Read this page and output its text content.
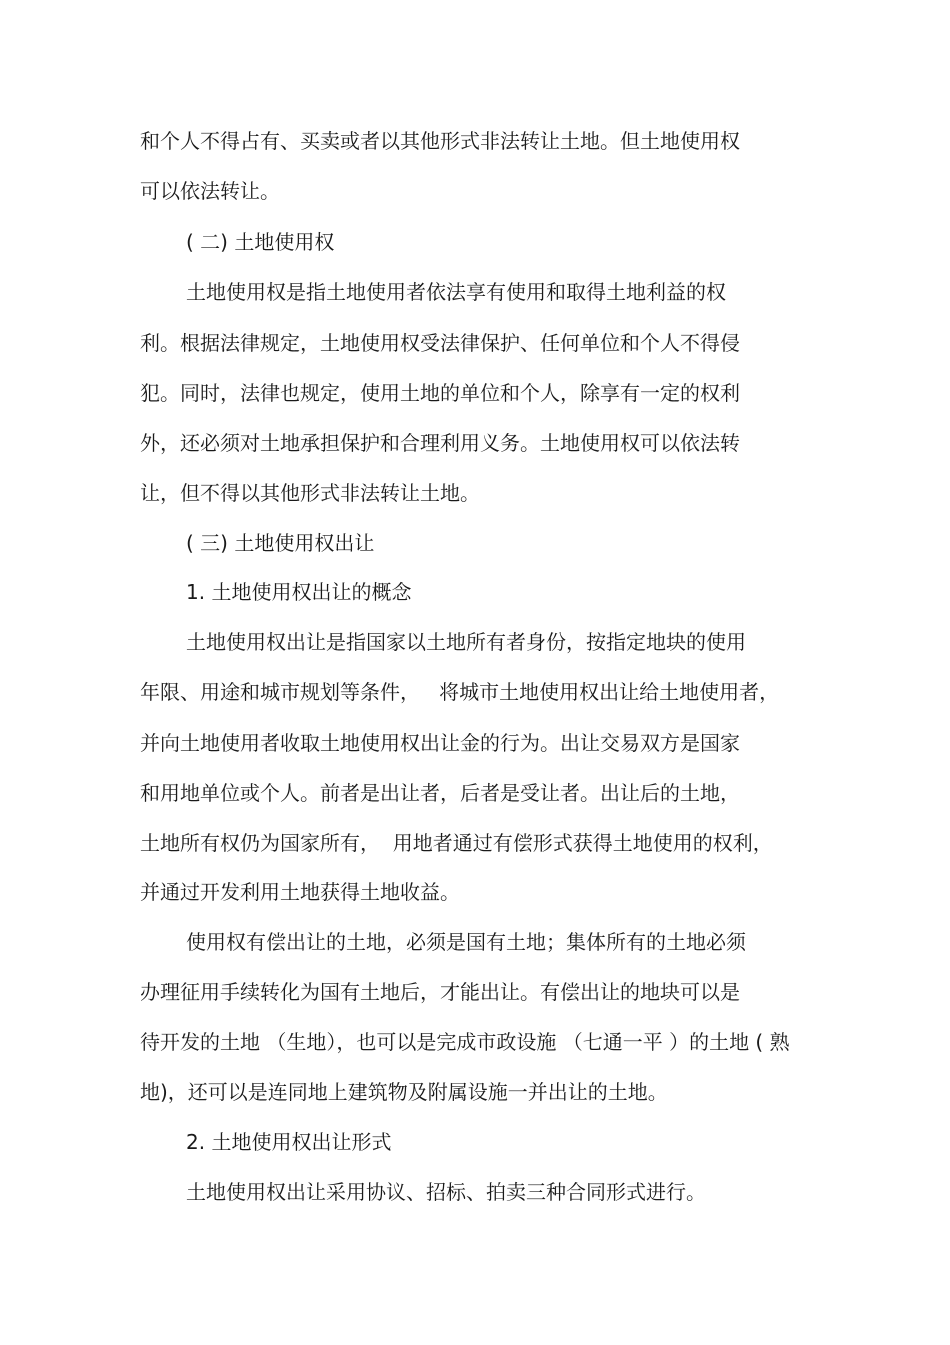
和个人不得占有、买卖或者以其他形式非法转让土地。但土地使用权
可以依法转让。
( 二) 土地使用权
土地使用权是指土地使用者依法享有使用和取得土地利益的权
利。根据法律规定，土地使用权受法律保护、任何单位和个人不得侵
犯。同时，法律也规定，使用土地的单位和个人，除享有一定的权利
外，还必须对土地承担保护和合理利用义务。土地使用权可以依法转
让，但不得以其他形式非法转让土地。
( 三) 土地使用权出让
1. 土地使用权出让的概念
土地使用权出让是指国家以土地所有者身份，按指定地块的使用
年限、用途和城市规划等条件，   将城市土地使用权出让给土地使用者，
并向土地使用者收取土地使用权出让金的行为。出让交易双方是国家
和用地单位或个人。前者是出让者，后者是受让者。出让后的土地，
土地所有权仍为国家所有，  用地者通过有偿形式获得土地使用的权利，
并通过开发利用土地获得土地收益。
使用权有偿出让的土地，必须是国有土地；集体所有的土地必须
办理征用手续转化为国有土地后，才能出让。有偿出让的地块可以是
待开发的土地 （生地），也可以是完成市政设施 （七通一平 ）的土地 ( 熟
地)，还可以是连同地上建筑物及附属设施一并出让的土地。
2. 土地使用权出让形式
土地使用权出让采用协议、招标、拍卖三种合同形式进行。
